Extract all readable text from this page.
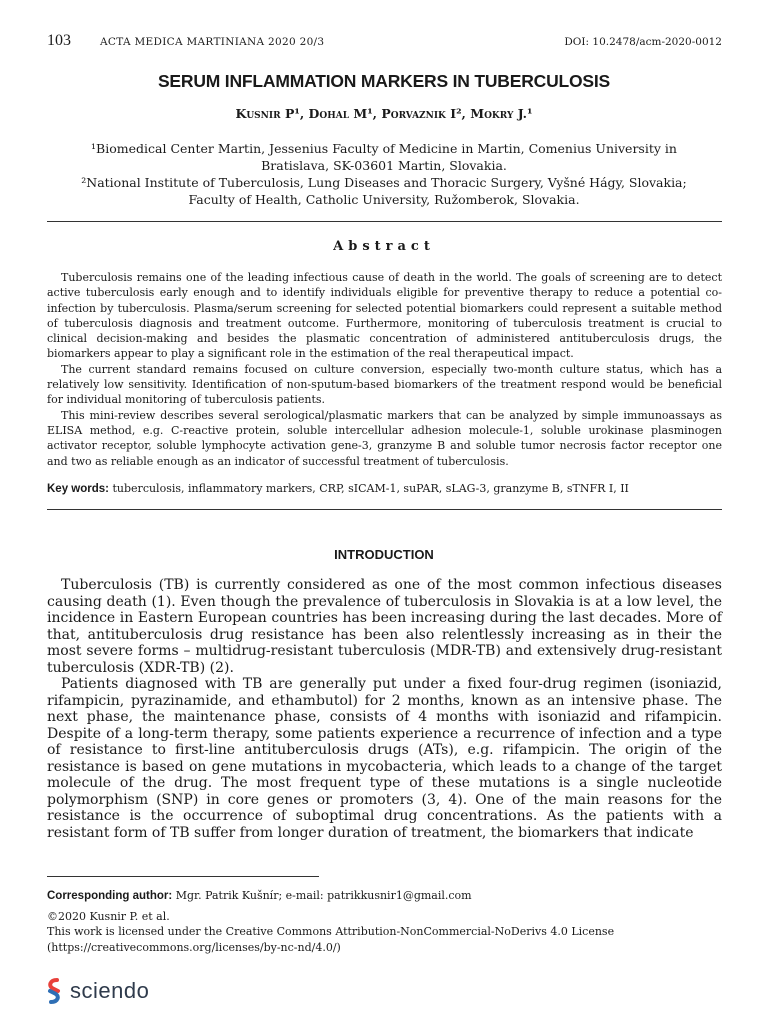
103	ACTA MEDICA MARTINIANA 2020 20/3	DOI: 10.2478/acm-2020-0012
SERUM INFLAMMATION MARKERS IN TUBERCULOSIS
Kusnir P¹, Dohal M¹, Porvaznik I², Mokry J.¹
¹Biomedical Center Martin, Jessenius Faculty of Medicine in Martin, Comenius University in
Bratislava, SK-03601 Martin, Slovakia.
²National Institute of Tuberculosis, Lung Diseases and Thoracic Surgery, Vyšné Hágy, Slovakia;
Faculty of Health, Catholic University, Ružomberok, Slovakia.
Abstract

Tuberculosis remains one of the leading infectious cause of death in the world. The goals of screening are to detect active tuberculosis early enough and to identify individuals eligible for preventive therapy to reduce a potential co-infection by tuberculosis. Plasma/serum screening for selected potential biomarkers could represent a suitable method of tuberculosis diagnosis and treatment outcome. Furthermore, monitoring of tuberculosis treatment is crucial to clinical decision-making and besides the plasmatic concentration of administered antituberculosis drugs, the biomarkers appear to play a significant role in the estimation of the real therapeutical impact.

The current standard remains focused on culture conversion, especially two-month culture status, which has a relatively low sensitivity. Identification of non-sputum-based biomarkers of the treatment respond would be beneficial for individual monitoring of tuberculosis patients.

This mini-review describes several serological/plasmatic markers that can be analyzed by simple immunoassays as ELISA method, e.g. C-reactive protein, soluble intercellular adhesion molecule-1, soluble urokinase plasminogen activator receptor, soluble lymphocyte activation gene-3, granzyme B and soluble tumor necrosis factor receptor one and two as reliable enough as an indicator of successful treatment of tuberculosis.

Key words: tuberculosis, inflammatory markers, CRP, sICAM-1, suPAR, sLAG-3, granzyme B, sTNFR I, II
INTRODUCTION

Tuberculosis (TB) is currently considered as one of the most common infectious diseases causing death (1). Even though the prevalence of tuberculosis in Slovakia is at a low level, the incidence in Eastern European countries has been increasing during the last decades. More of that, antituberculosis drug resistance has been also relentlessly increasing as in their the most severe forms – multidrug-resistant tuberculosis (MDR-TB) and extensively drug-resistant tuberculosis (XDR-TB) (2).

Patients diagnosed with TB are generally put under a fixed four-drug regimen (isoniazid, rifampicin, pyrazinamide, and ethambutol) for 2 months, known as an intensive phase. The next phase, the maintenance phase, consists of 4 months with isoniazid and rifampicin. Despite of a long-term therapy, some patients experience a recurrence of infection and a type of resistance to first-line antituberculosis drugs (ATs), e.g. rifampicin. The origin of the resistance is based on gene mutations in mycobacteria, which leads to a change of the target molecule of the drug. The most frequent type of these mutations is a single nucleotide polymorphism (SNP) in core genes or promoters (3, 4). One of the main reasons for the resistance is the occurrence of suboptimal drug concentrations. As the patients with a resistant form of TB suffer from longer duration of treatment, the biomarkers that indicate

Corresponding author: Mgr. Patrik Kušnír; e-mail: patrikkusnir1@gmail.com
©2020 Kusnir P. et al.
This work is licensed under the Creative Commons Attribution-NonCommercial-NoDerivs 4.0 License
(https://creativecommons.org/licenses/by-nc-nd/4.0/)
sciendo
